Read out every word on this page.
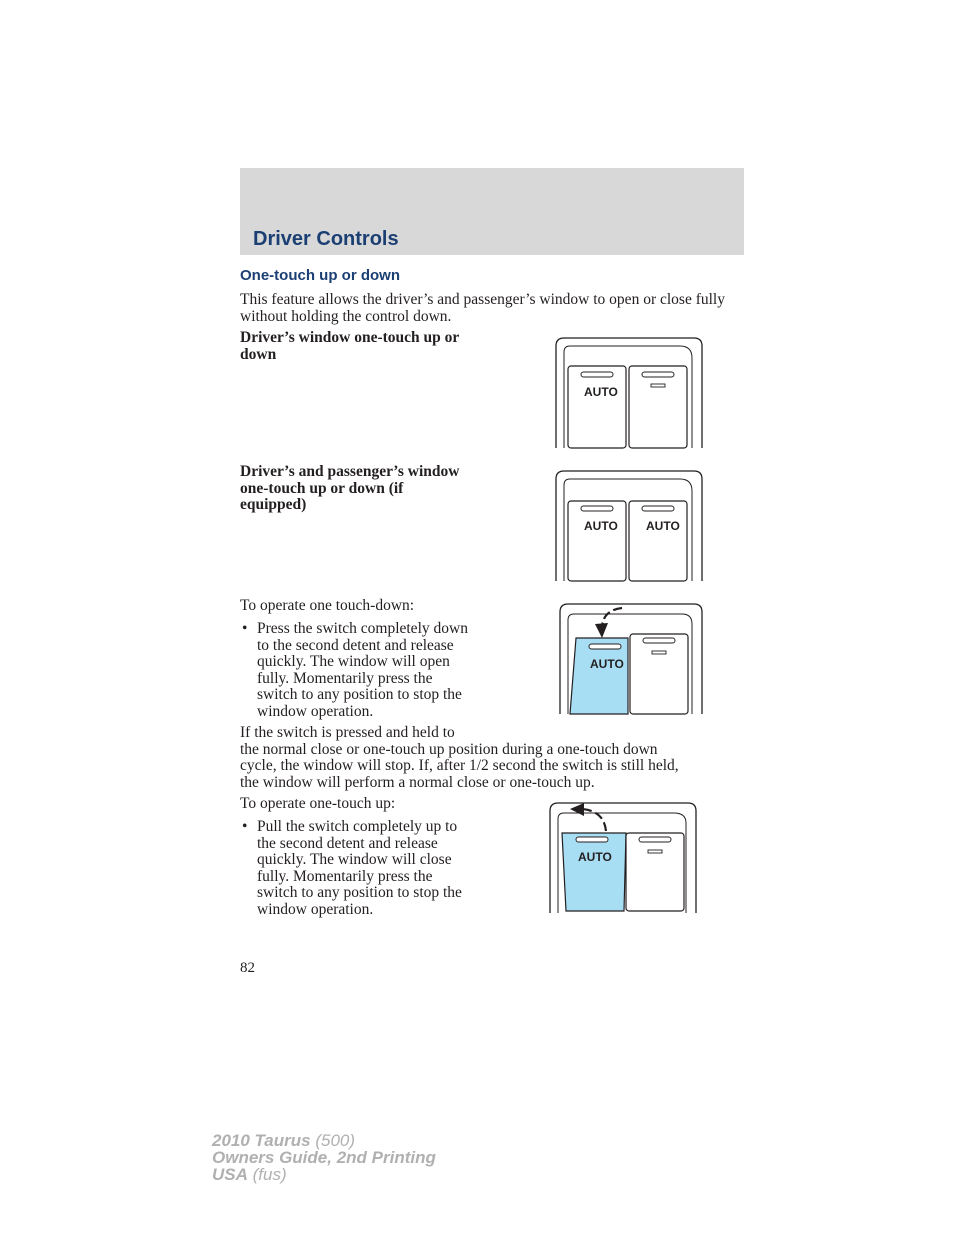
Driver Controls
One-touch up or down

This feature allows the driver’s and passenger’s window to open or close fully without holding the control down.

Driver’s window one-touch up or
down
AUTO
Driver’s and passenger’s window
one-touch up or down (if
equipped)
AUTO AUTO
To operate one touch-down:
• Press the switch completely down
to the second detent and release
quickly. The window will open
fully. Momentarily press the
switch to any position to stop the
window operation.
AUTO
If the switch is pressed and held to
the normal close or one-touch up position during a one-touch down
cycle, the window will stop. If, after 1/2 second the switch is still held,
the window will perform a normal close or one-touch up.
To operate one-touch up:
• Pull the switch completely up to
the second detent and release
quickly. The window will close
fully. Momentarily press the
switch to any position to stop the
window operation.
AUTO
82
2010 Taurus (500)
Owners Guide, 2nd Printing
USA (fus)
